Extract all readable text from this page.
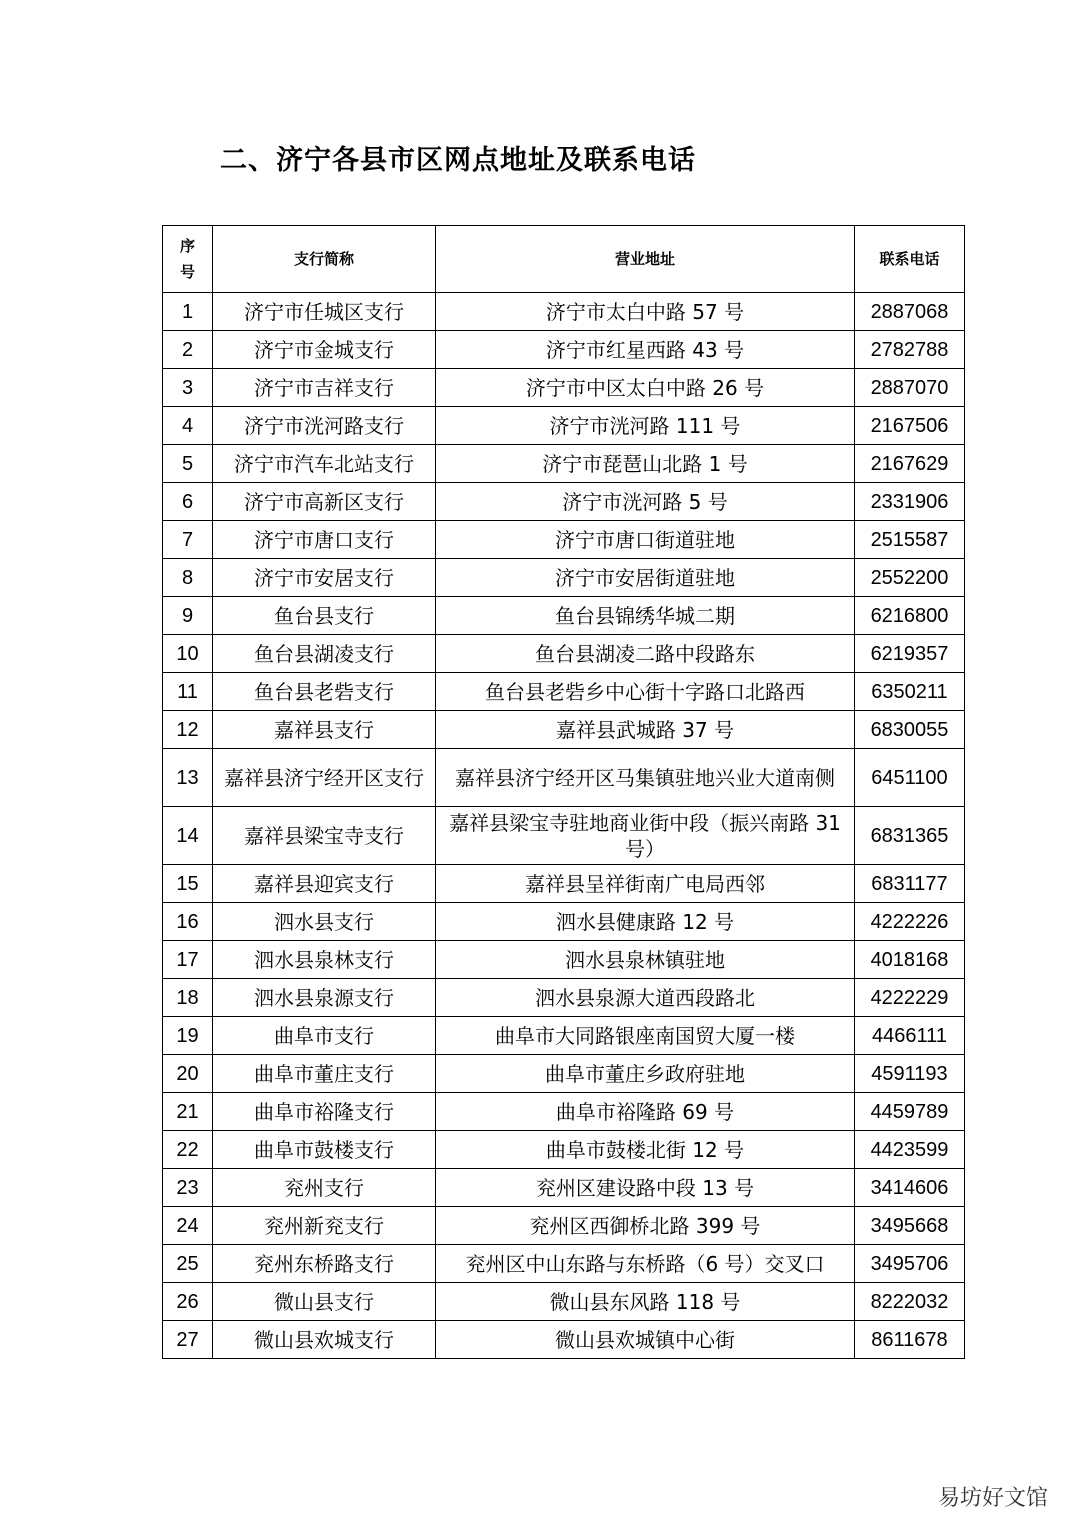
二、济宁各县市区网点地址及联系电话
序
号	支行简称	营业地址	联系电话
1	济宁市任城区支行	济宁市太白中路 57 号	2887068
2	济宁市金城支行	济宁市红星西路 43 号	2782788
3	济宁市吉祥支行	济宁市中区太白中路 26 号	2887070
4	济宁市洸河路支行	济宁市洸河路 111 号	2167506
5	济宁市汽车北站支行	济宁市琵琶山北路 1 号	2167629
6	济宁市高新区支行	济宁市洸河路 5 号	2331906
7	济宁市唐口支行	济宁市唐口街道驻地	2515587
8	济宁市安居支行	济宁市安居街道驻地	2552200
9	鱼台县支行	鱼台县锦绣华城二期	6216800
10	鱼台县湖凌支行	鱼台县湖凌二路中段路东	6219357
11	鱼台县老砦支行	鱼台县老砦乡中心街十字路口北路西	6350211
12	嘉祥县支行	嘉祥县武城路 37 号	6830055
13	嘉祥县济宁经开区支行	嘉祥县济宁经开区马集镇驻地兴业大道南侧	6451100
14	嘉祥县梁宝寺支行	嘉祥县梁宝寺驻地商业街中段（振兴南路 31 号）	6831365
15	嘉祥县迎宾支行	嘉祥县呈祥街南广电局西邻	6831177
16	泗水县支行	泗水县健康路 12 号	4222226
17	泗水县泉林支行	泗水县泉林镇驻地	4018168
18	泗水县泉源支行	泗水县泉源大道西段路北	4222229
19	曲阜市支行	曲阜市大同路银座南国贸大厦一楼	4466111
20	曲阜市董庄支行	曲阜市董庄乡政府驻地	4591193
21	曲阜市裕隆支行	曲阜市裕隆路 69 号	4459789
22	曲阜市鼓楼支行	曲阜市鼓楼北街 12 号	4423599
23	兖州支行	兖州区建设路中段 13 号	3414606
24	兖州新兖支行	兖州区西御桥北路 399 号	3495668
25	兖州东桥路支行	兖州区中山东路与东桥路（6 号）交叉口	3495706
26	微山县支行	微山县东风路 118 号	8222032
27	微山县欢城支行	微山县欢城镇中心街	8611678
易坊好文馆
